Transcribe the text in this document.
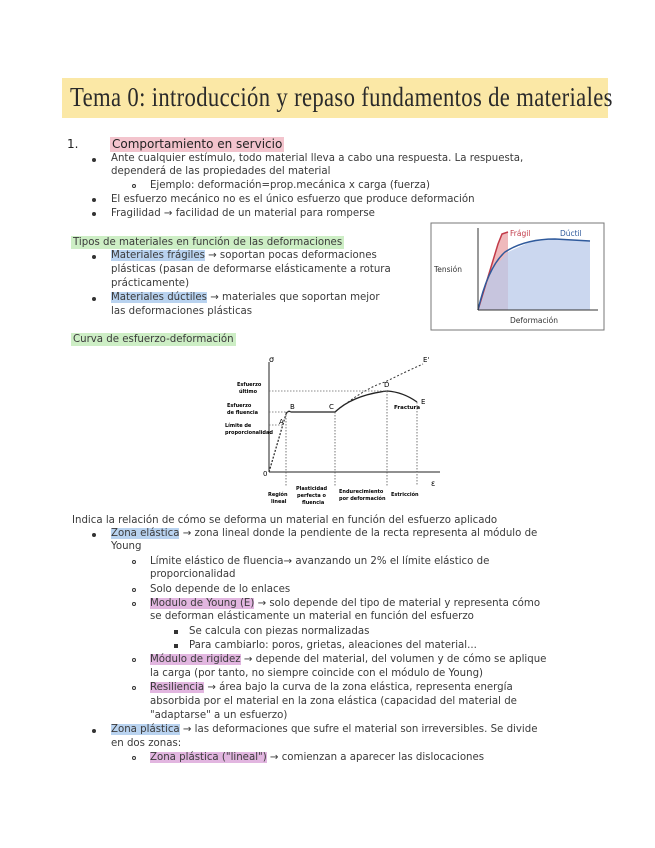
Tema 0: introducción y repaso fundamentos de materiales
1.	Comportamiento en servicio
Ante cualquier estímulo, todo material lleva a cabo una respuesta. La respuesta,
dependerá de las propiedades del material
Ejemplo: deformación=prop.mecánica x carga (fuerza)
El esfuerzo mecánico no es el único esfuerzo que produce deformación
Fragilidad → facilidad de un material para romperse
Tipos de materiales en función de las deformaciones
Materiales frágiles → soportan pocas deformaciones
plásticas (pasan de deformarse elásticamente a rotura
prácticamente)
Materiales dúctiles → materiales que soportan mejor
las deformaciones plásticas
Frágil	Dúctil
Tensión
Deformación
Curva de esfuerzo-deformación
σ
ε
0
A
B	C
D
E
E'
Esfuerzo
último
Esfuerzo
de fluencia
Límite de
proporcionalidad
Fractura
Región
lineal
Plasticidad
perfecta o
fluencia
Endurecimiento
por deformación
Estricción
Indica la relación de cómo se deforma un material en función del esfuerzo aplicado
Zona elástica → zona lineal donde la pendiente de la recta representa al módulo de
Young
Límite elástico de fluencia→ avanzando un 2% el límite elástico de
proporcionalidad
Solo depende de lo enlaces
Modulo de Young (E) → solo depende del tipo de material y representa cómo
se deforman elásticamente un material en función del esfuerzo
Se calcula con piezas normalizadas
Para cambiarlo: poros, grietas, aleaciones del material...
Módulo de rigidez → depende del material, del volumen y de cómo se aplique
la carga (por tanto, no siempre coincide con el módulo de Young)
Resiliencia → área bajo la curva de la zona elástica, representa energía
absorbida por el material en la zona elástica (capacidad del material de
"adaptarse" a un esfuerzo)
Zona plástica → las deformaciones que sufre el material son irreversibles. Se divide
en dos zonas:
Zona plástica ("lineal") → comienzan a aparecer las dislocaciones
